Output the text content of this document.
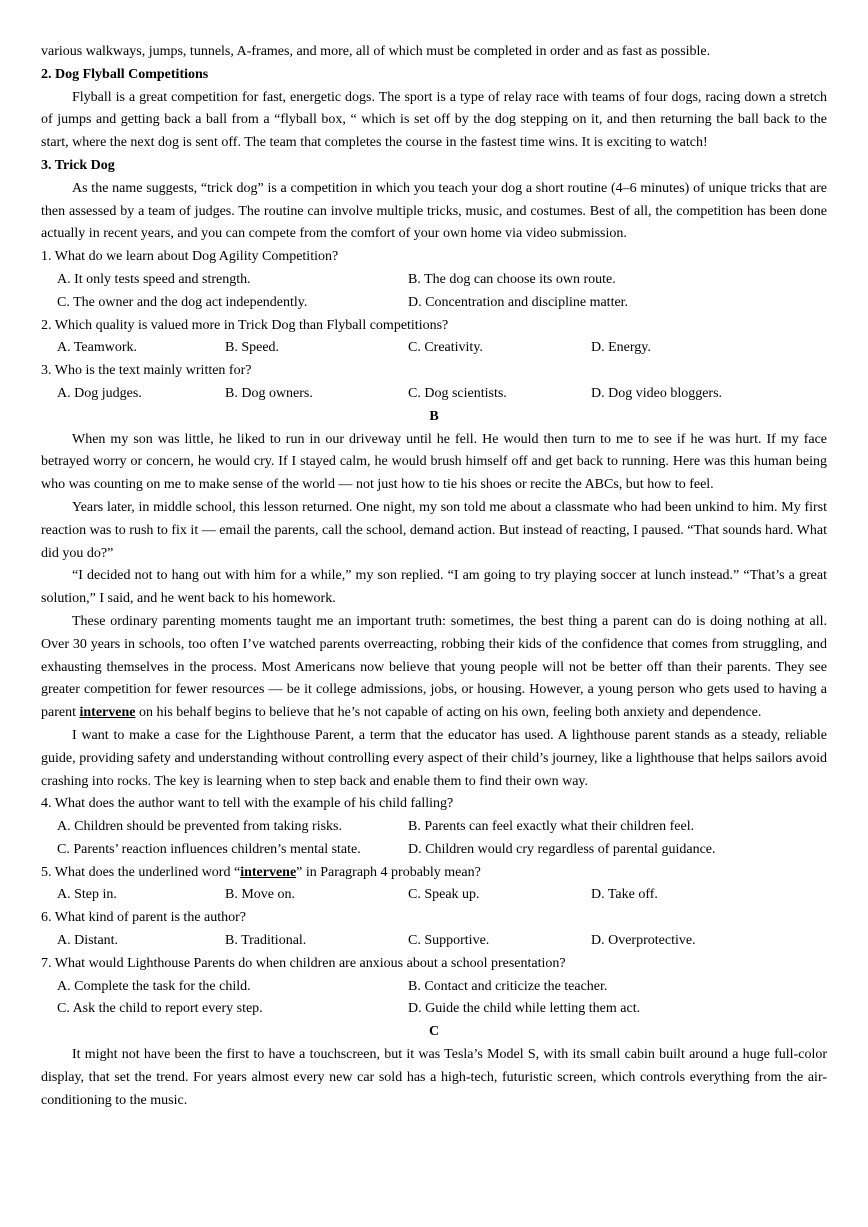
various walkways, jumps, tunnels, A-frames, and more, all of which must be completed in order and as fast as possible.

2. Dog Flyball Competitions

Flyball is a great competition for fast, energetic dogs. The sport is a type of relay race with teams of four dogs, racing down a stretch of jumps and getting back a ball from a “flyball box, “ which is set off by the dog stepping on it, and then returning the ball back to the start, where the next dog is sent off. The team that completes the course in the fastest time wins. It is exciting to watch!

3. Trick Dog

As the name suggests, “trick dog” is a competition in which you teach your dog a short routine (4–6 minutes) of unique tricks that are then assessed by a team of judges. The routine can involve multiple tricks, music, and costumes. Best of all, the competition has been done actually in recent years, and you can compete from the comfort of your own home via video submission.

1. What do we learn about Dog Agility Competition?

A. It only tests speed and strength.	B. The dog can choose its own route.
C. The owner and the dog act independently.	D. Concentration and discipline matter.

2. Which quality is valued more in Trick Dog than Flyball competitions?

A. Teamwork.	B. Speed.	C. Creativity.	D. Energy.

3. Who is the text mainly written for?

A. Dog judges.	B. Dog owners.	C. Dog scientists.	D. Dog video bloggers.

B

When my son was little, he liked to run in our driveway until he fell. He would then turn to me to see if he was hurt. If my face betrayed worry or concern, he would cry. If I stayed calm, he would brush himself off and get back to running. Here was this human being who was counting on me to make sense of the world — not just how to tie his shoes or recite the ABCs, but how to feel.

Years later, in middle school, this lesson returned. One night, my son told me about a classmate who had been unkind to him. My first reaction was to rush to fix it — email the parents, call the school, demand action. But instead of reacting, I paused. “That sounds hard. What did you do?”

“I decided not to hang out with him for a while,” my son replied. “I am going to try playing soccer at lunch instead.” “That’s a great solution,” I said, and he went back to his homework.

These ordinary parenting moments taught me an important truth: sometimes, the best thing a parent can do is doing nothing at all. Over 30 years in schools, too often I’ve watched parents overreacting, robbing their kids of the confidence that comes from struggling, and exhausting themselves in the process. Most Americans now believe that young people will not be better off than their parents. They see greater competition for fewer resources — be it college admissions, jobs, or housing. However, a young person who gets used to having a parent intervene on his behalf begins to believe that he’s not capable of acting on his own, feeling both anxiety and dependence.

I want to make a case for the Lighthouse Parent, a term that the educator has used. A lighthouse parent stands as a steady, reliable guide, providing safety and understanding without controlling every aspect of their child’s journey, like a lighthouse that helps sailors avoid crashing into rocks. The key is learning when to step back and enable them to find their own way.

4. What does the author want to tell with the example of his child falling?

A. Children should be prevented from taking risks.	B. Parents can feel exactly what their children feel.
C. Parents’ reaction influences children’s mental state.	D. Children would cry regardless of parental guidance.

5. What does the underlined word “intervene” in Paragraph 4 probably mean?

A. Step in.	B. Move on.	C. Speak up.	D. Take off.

6. What kind of parent is the author?

A. Distant.	B. Traditional.	C. Supportive.	D. Overprotective.

7. What would Lighthouse Parents do when children are anxious about a school presentation?

A. Complete the task for the child.	B. Contact and criticize the teacher.
C. Ask the child to report every step.	D. Guide the child while letting them act.

C

It might not have been the first to have a touchscreen, but it was Tesla’s Model S, with its small cabin built around a huge full-color display, that set the trend. For years almost every new car sold has a high-tech, futuristic screen, which controls everything from the air-conditioning to the music.
